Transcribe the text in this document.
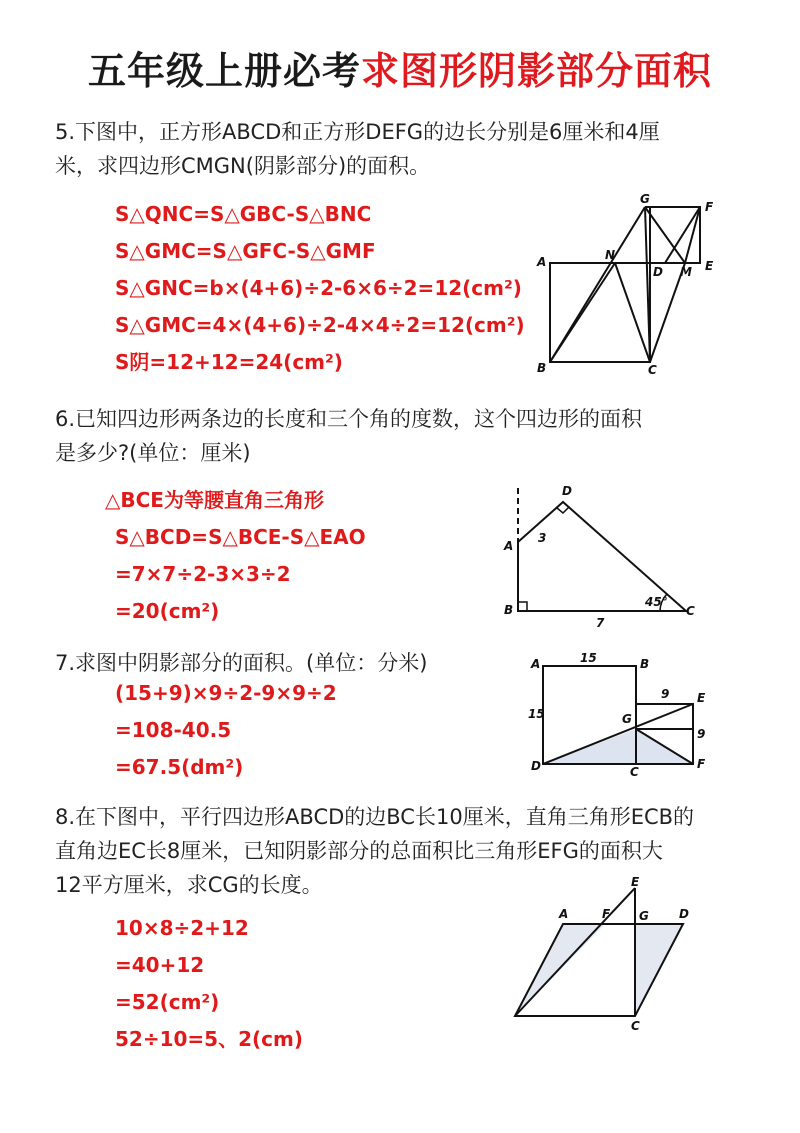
五年级上册必考求图形阴影部分面积
5.下图中，正方形ABCD和正方形DEFG的边长分别是6厘米和4厘
米，求四边形CMGN(阴影部分)的面积。
S△QNC=S△GBC-S△BNC
S△GMC=S△GFC-S△GMF
S△GNC=b×(4+6)÷2-6×6÷2=12(cm²)
S△GMC=4×(4+6)÷2-4×4÷2=12(cm²)
S阴=12+12=24(cm²)
G
F
A	N
D M E
B	C
6.已知四边形两条边的长度和三个角的度数，这个四边形的面积
是多少?(单位：厘米)
△BCE为等腰直角三角形
S△BCD=S△BCE-S△EAO
=7×7÷2-3×3÷2
=20(cm²)
D
A
3
B
45°
C
7
7.求图中阴影部分的面积。(单位：分米)
(15+9)×9÷2-9×9÷2
=108-40.5
=67.5(dm²)
A	15	B
9 E
15	G
9
D	C
F
8.在下图中，平行四边形ABCD的边BC长10厘米，直角三角形ECB的
直角边EC长8厘米，已知阴影部分的总面积比三角形EFG的面积大
12平方厘米，求CG的长度。
10×8÷2+12
=40+12
=52(cm²)
52÷10=5、2(cm)
E
A	F G	D
C
